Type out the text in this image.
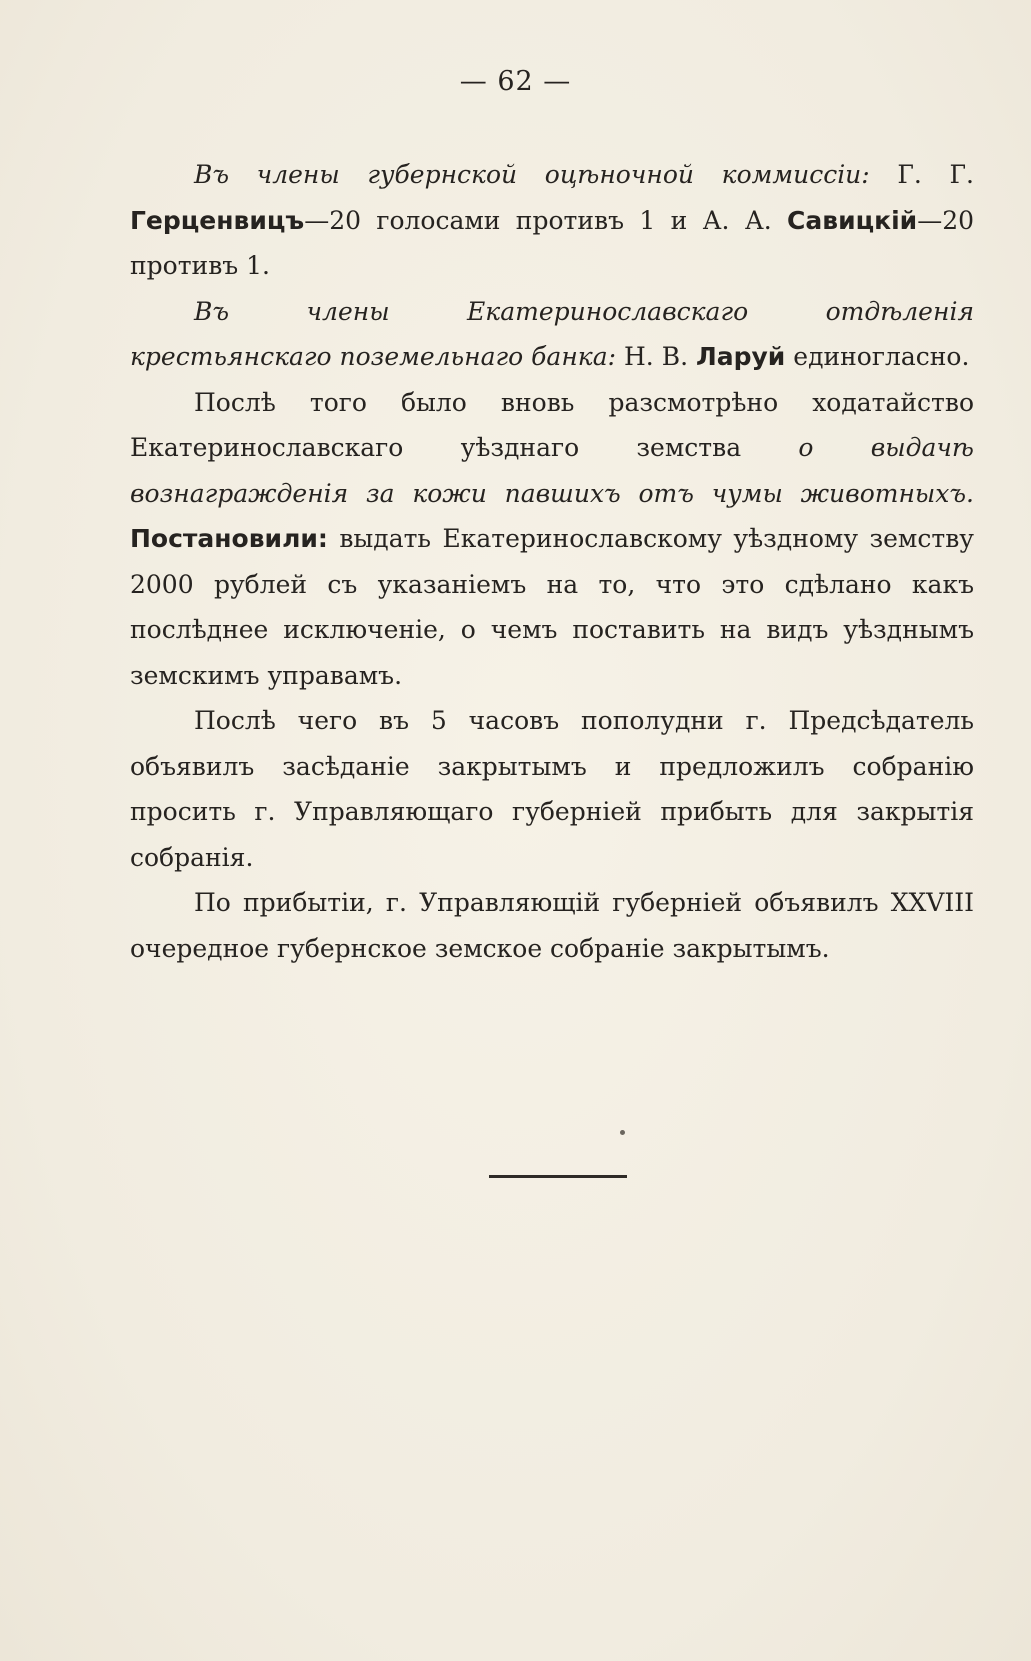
— 62 —

Въ члены губернской оцѣночной коммиссіи: Г. Г. Герценвицъ—20 голосами противъ 1 и А. А. Савицкій—20 противъ 1.

Въ члены Екатеринославскаго отдѣленія крестьянскаго поземельнаго банка: Н. В. Ларуй единогласно.

Послѣ того было вновь разсмотрѣно ходатайство Екатеринославскаго уѣзднаго земства о выдачѣ вознагражденія за кожи павшихъ отъ чумы животныхъ. Постановили: выдать Екатеринославскому уѣздному земству 2000 рублей съ указаніемъ на то, что это сдѣлано какъ послѣднее исключеніе, о чемъ поставить на видъ уѣзднымъ земскимъ управамъ.

Послѣ чего въ 5 часовъ пополудни г. Предсѣдатель объявилъ засѣданіе закрытымъ и предложилъ собранію просить г. Управляющаго губерніей прибыть для закрытія собранія.

По прибытіи, г. Управляющій губерніей объявилъ XXVIII очередное губернское земское собраніе закрытымъ.
